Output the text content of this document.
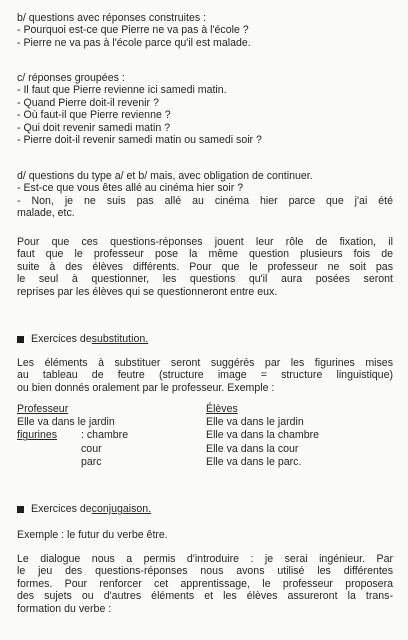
b/ questions avec réponses construites :
- Pourquoi est-ce que Pierre ne va pas à l'école ?
- Pierre ne va pas à l'école parce qu'il est malade.
c/ réponses groupées :
- Il faut que Pierre revienne ici samedi matin.
- Quand Pierre doit-il revenir ?
- Où faut-il que Pierre revienne ?
- Qui doit revenir samedi matin ?
- Pierre doit-il revenir samedi matin ou samedi soir ?
d/ questions du type a/ et b/ mais, avec obligation de continuer.
- Est-ce que vous êtes allé au cinéma hier soir ?
- Non, je ne suis pas allé au cinéma hier parce que j'ai été
malade, etc.
Pour que ces questions-réponses jouent leur rôle de fixation, il
faut que le professeur pose la même question plusieurs fois de
suite à des élèves différents. Pour que le professeur ne soit pas
le seul à questionner, les questions qu'il aura posées seront
reprises par les élèves qui se questionneront entre eux.
Exercices de substitution.
Les éléments à substituer seront suggérés par les figurines mises
au tableau de feutre (structure image = structure linguistique)
ou bien donnés oralement par le professeur. Exemple :
Professeur	Élèves
Elle va dans le jardin	Elle va dans le jardin
figurines : chambre	Elle va dans la chambre
cour	Elle va dans la cour
parc	Elle va dans le parc.
Exercices de conjugaison.
Exemple : le futur du verbe être.
Le dialogue nous a permis d'introduire : je serai ingénieur. Par
le jeu des questions-réponses nous avons utilisé les différentes
formes. Pour renforcer cet apprentissage, le professeur proposera
des sujets ou d'autres éléments et les élèves assureront la trans-
formation du verbe :
